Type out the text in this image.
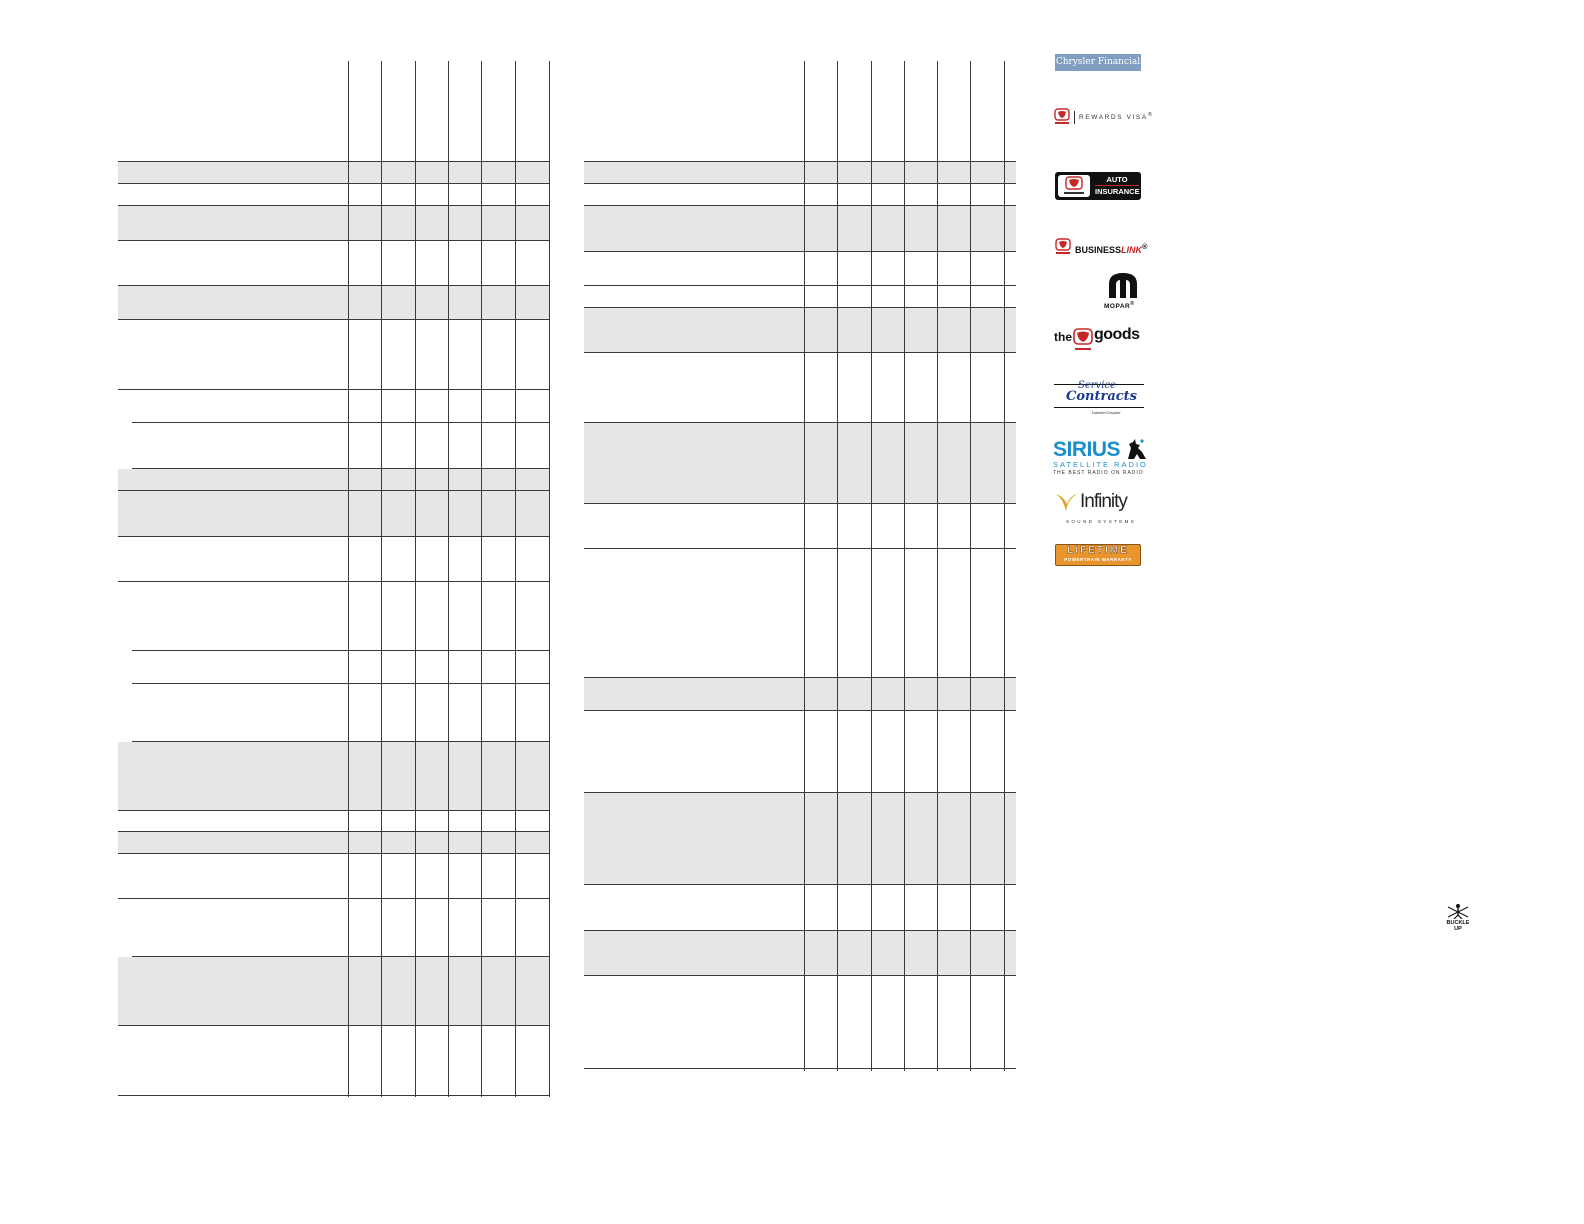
Chrysler Financial
REWARDS VISA®
AUTO
INSURANCE
BUSINESSLINK®
MOPAR®
the goods
Service
Contracts
DaimlerChrysler
SIRIUS
SATELLITE RADIO
THE BEST RADIO ON RADIO
Infinity
SOUND SYSTEMS
LIFETIME
POWERTRAIN WARRANTY
BUCKLE UP
